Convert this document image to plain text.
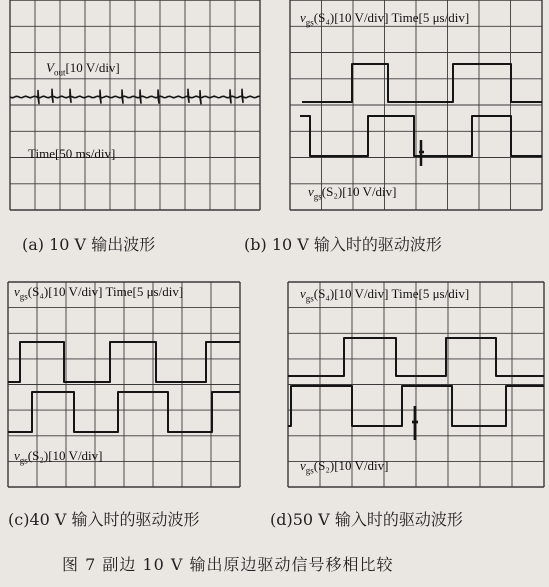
$V_{out}[10$ V/div]
Time[50 ms/div]
(a) 10 V 输出波形
$v_{gs}(S_4)[10$ V/div] Time[5 μs/div]
$v_{gs}(S_2)[10$ V/div]
(b) 10 V 输入时的驱动波形
$v_{gs}(S_4)[10$ V/div] Time[5 μs/div]
$v_{gs}(S_2)[10$ V/div]
(c)40 V 输入时的驱动波形
$v_{gs}(S_4)[10$ V/div] Time[5 μs/div]
$v_{gs}(S_2)[10$ V/div]
(d)50 V 输入时的驱动波形
图 7 副边 10 V 输出原边驱动信号移相比较
